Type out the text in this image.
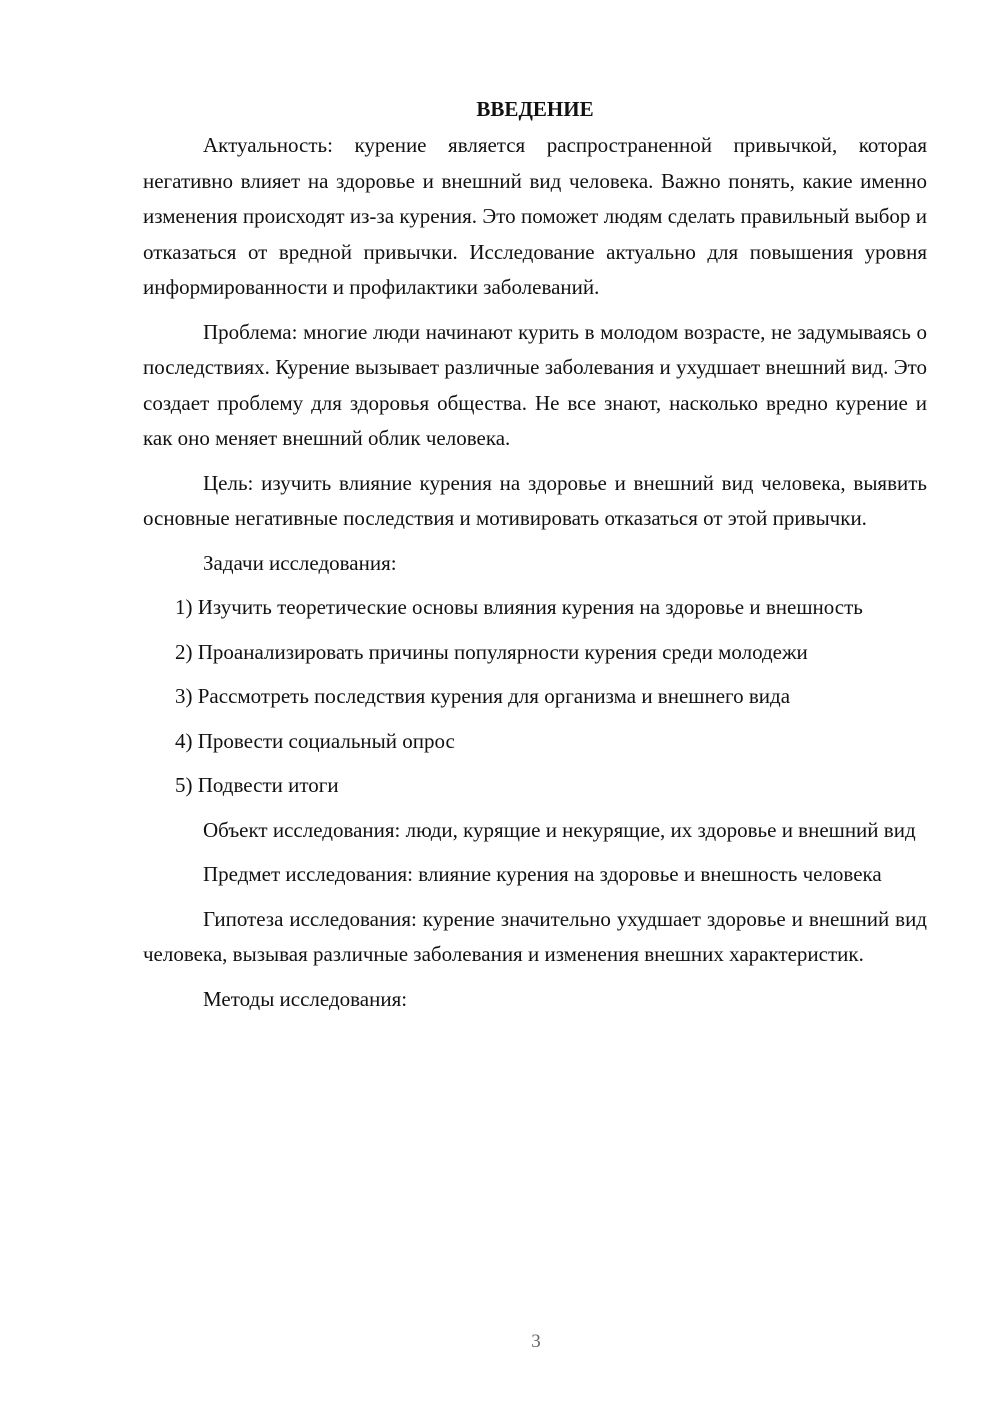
ВВЕДЕНИЕ

Актуальность: курение является распространенной привычкой, которая негативно влияет на здоровье и внешний вид человека. Важно понять, какие именно изменения происходят из-за курения. Это поможет людям сделать правильный выбор и отказаться от вредной привычки. Исследование актуально для повышения уровня информированности и профилактики заболеваний.

Проблема: многие люди начинают курить в молодом возрасте, не задумываясь о последствиях. Курение вызывает различные заболевания и ухудшает внешний вид. Это создает проблему для здоровья общества. Не все знают, насколько вредно курение и как оно меняет внешний облик человека.

Цель: изучить влияние курения на здоровье и внешний вид человека, выявить основные негативные последствия и мотивировать отказаться от этой привычки.

Задачи исследования:

1) Изучить теоретические основы влияния курения на здоровье и внешность

2) Проанализировать причины популярности курения среди молодежи

3) Рассмотреть последствия курения для организма и внешнего вида

4) Провести социальный опрос

5) Подвести итоги

Объект исследования: люди, курящие и некурящие, их здоровье и внешний вид

Предмет исследования: влияние курения на здоровье и внешность человека

Гипотеза исследования: курение значительно ухудшает здоровье и внешний вид человека, вызывая различные заболевания и изменения внешних характеристик.

Методы исследования:

3
